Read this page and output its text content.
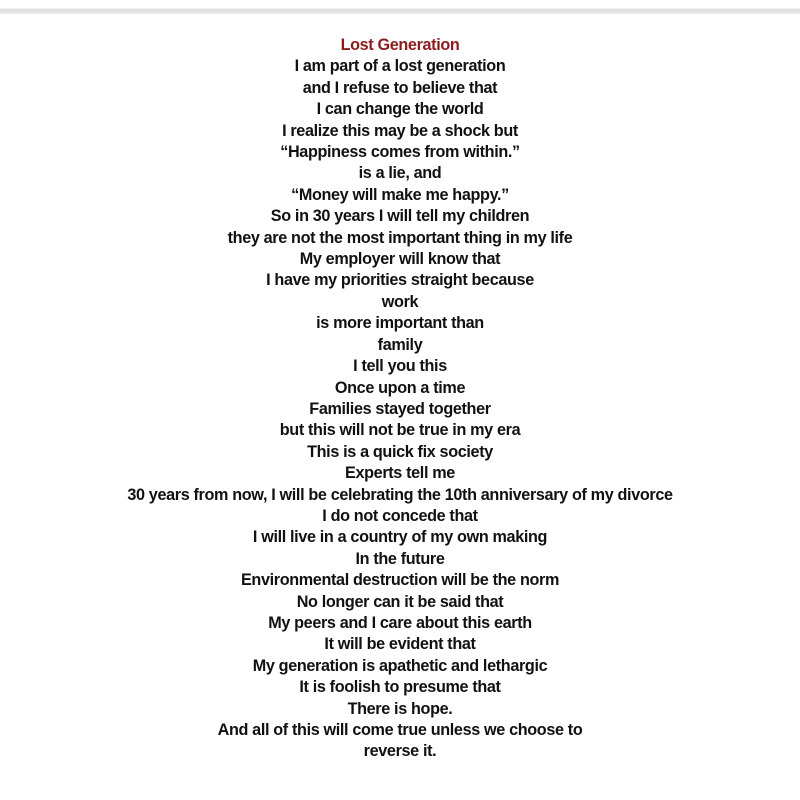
Lost Generation
I am part of a lost generation
and I refuse to believe that
I can change the world
I realize this may be a shock but
“Happiness comes from within.”
is a lie, and
“Money will make me happy.”
So in 30 years I will tell my children
they are not the most important thing in my life
My employer will know that
I have my priorities straight because
work
is more important than
family
I tell you this
Once upon a time
Families stayed together
but this will not be true in my era
This is a quick fix society
Experts tell me
30 years from now, I will be celebrating the 10th anniversary of my divorce
I do not concede that
I will live in a country of my own making
In the future
Environmental destruction will be the norm
No longer can it be said that
My peers and I care about this earth
It will be evident that
My generation is apathetic and lethargic
It is foolish to presume that
There is hope.
And all of this will come true unless we choose to
reverse it.
